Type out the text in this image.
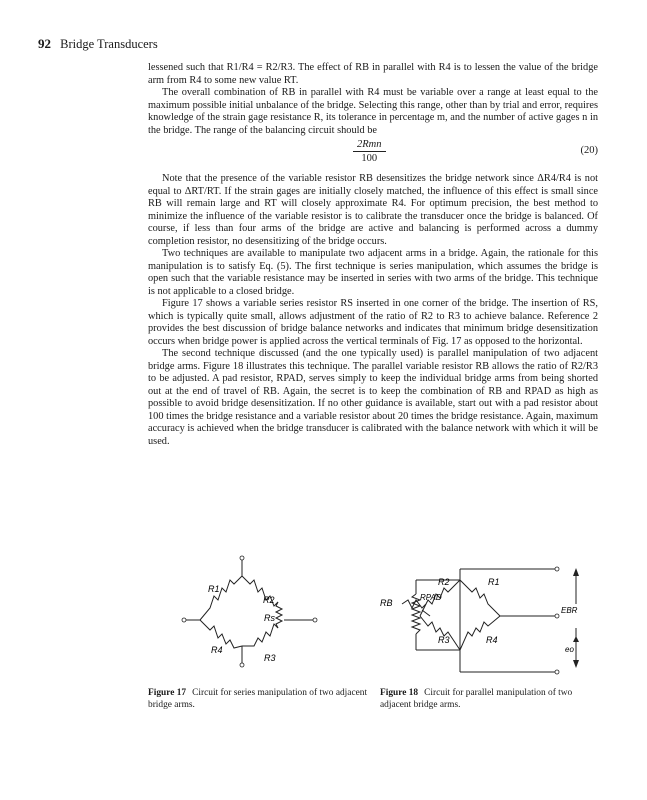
92 Bridge Transducers

lessened such that R1/R4 = R2/R3. The effect of RB in parallel with R4 is to lessen the value of the bridge arm from R4 to some new value RT.

The overall combination of RB in parallel with R4 must be variable over a range at least equal to the maximum possible initial unbalance of the bridge. Selecting this range, other than by trial and error, requires knowledge of the strain gage resistance R, its tolerance in percentage m, and the number of active gages n in the bridge. The range of the balancing circuit should be

2Rmn
100
(20)

Note that the presence of the variable resistor RB desensitizes the bridge network since ΔR4/R4 is not equal to ΔRT/RT. If the strain gages are initially closely matched, the influence of this effect is small since RB will remain large and RT will closely approximate R4. For optimum precision, the best method to minimize the influence of the variable resistor is to calibrate the transducer once the bridge is balanced. Of course, if less than four arms of the bridge are active and balancing is performed across a dummy completion resistor, no desensitizing of the bridge occurs.

Two techniques are available to manipulate two adjacent arms in a bridge. Again, the rationale for this manipulation is to satisfy Eq. (5). The first technique is series manipulation, which assumes the bridge is open such that the variable resistance may be inserted in series with two arms of the bridge. This technique is not applicable to a closed bridge.

Figure 17 shows a variable series resistor RS inserted in one corner of the bridge. The insertion of RS, which is typically quite small, allows adjustment of the ratio of R2 to R3 to achieve balance. Reference 2 provides the best discussion of bridge balance networks and indicates that minimum bridge desensitization occurs when bridge power is applied across the vertical terminals of Fig. 17 as opposed to the horizontal.

The second technique discussed (and the one typically used) is parallel manipulation of two adjacent bridge arms. Figure 18 illustrates this technique. The parallel variable resistor RB allows the ratio of R2/R3 to be adjusted. A pad resistor, RPAD, serves simply to keep the individual bridge arms from being shorted out at the end of travel of RB. Again, the secret is to keep the combination of RB and RPAD as high as possible to avoid bridge desensitization. If no other guidance is available, start out with a pad resistor about 100 times the bridge resistance and a variable resistor about 20 times the bridge resistance. Again, maximum accuracy is achieved when the bridge transducer is calibrated with the balance network with which it will be used.

R1
R2
Rs
R3
R4
R2	R1
RB
RPAD
R3	R4
EBR
eo
Figure 17 Circuit for series manipulation of two adjacent bridge arms.
Figure 18 Circuit for parallel manipulation of two adjacent bridge arms.
